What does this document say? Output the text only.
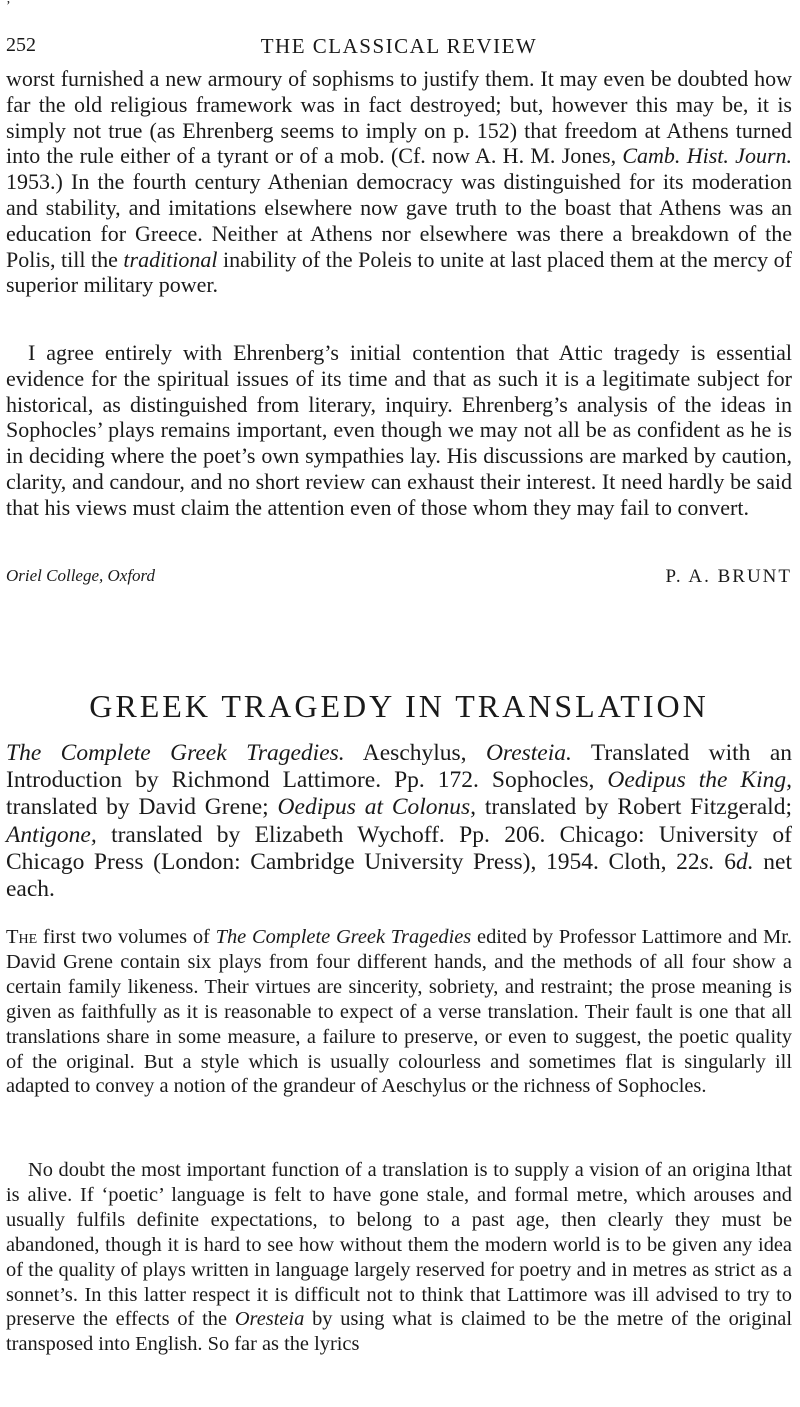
’
252	THE CLASSICAL REVIEW

worst furnished a new armoury of sophisms to justify them. It may even be doubted how far the old religious framework was in fact destroyed; but, however this may be, it is simply not true (as Ehrenberg seems to imply on p. 152) that freedom at Athens turned into the rule either of a tyrant or of a mob. (Cf. now A. H. M. Jones, Camb. Hist. Journ. 1953.) In the fourth century Athenian democracy was distinguished for its moderation and stability, and imitations elsewhere now gave truth to the boast that Athens was an education for Greece. Neither at Athens nor elsewhere was there a breakdown of the Polis, till the traditional inability of the Poleis to unite at last placed them at the mercy of superior military power.

I agree entirely with Ehrenberg’s initial contention that Attic tragedy is essential evidence for the spiritual issues of its time and that as such it is a legitimate subject for historical, as distinguished from literary, inquiry. Ehrenberg’s analysis of the ideas in Sophocles’ plays remains important, even though we may not all be as confident as he is in deciding where the poet’s own sympathies lay. His discussions are marked by caution, clarity, and candour, and no short review can exhaust their interest. It need hardly be said that his views must claim the attention even of those whom they may fail to convert.

Oriel College, Oxford	P. A. BRUNT
GREEK TRAGEDY IN TRANSLATION

The Complete Greek Tragedies. Aeschylus, Oresteia. Translated with an Introduction by Richmond Lattimore. Pp. 172. Sophocles, Oedipus the King, translated by David Grene; Oedipus at Colonus, translated by Robert Fitzgerald; Antigone, translated by Elizabeth Wychoff. Pp. 206. Chicago: University of Chicago Press (London: Cambridge University Press), 1954. Cloth, 22s. 6d. net each.

The first two volumes of The Complete Greek Tragedies edited by Professor Lattimore and Mr. David Grene contain six plays from four different hands, and the methods of all four show a certain family likeness. Their virtues are sincerity, sobriety, and restraint; the prose meaning is given as faithfully as it is reasonable to expect of a verse translation. Their fault is one that all translations share in some measure, a failure to preserve, or even to suggest, the poetic quality of the original. But a style which is usually colourless and sometimes flat is singularly ill adapted to convey a notion of the grandeur of Aeschylus or the richness of Sophocles.

No doubt the most important function of a translation is to supply a vision of an origina lthat is alive. If ‘poetic’ language is felt to have gone stale, and formal metre, which arouses and usually fulfils definite expectations, to belong to a past age, then clearly they must be abandoned, though it is hard to see how without them the modern world is to be given any idea of the quality of plays written in language largely reserved for poetry and in metres as strict as a sonnet’s. In this latter respect it is difficult not to think that Lattimore was ill advised to try to preserve the effects of the Oresteia by using what is claimed to be the metre of the original transposed into English. So far as the lyrics
